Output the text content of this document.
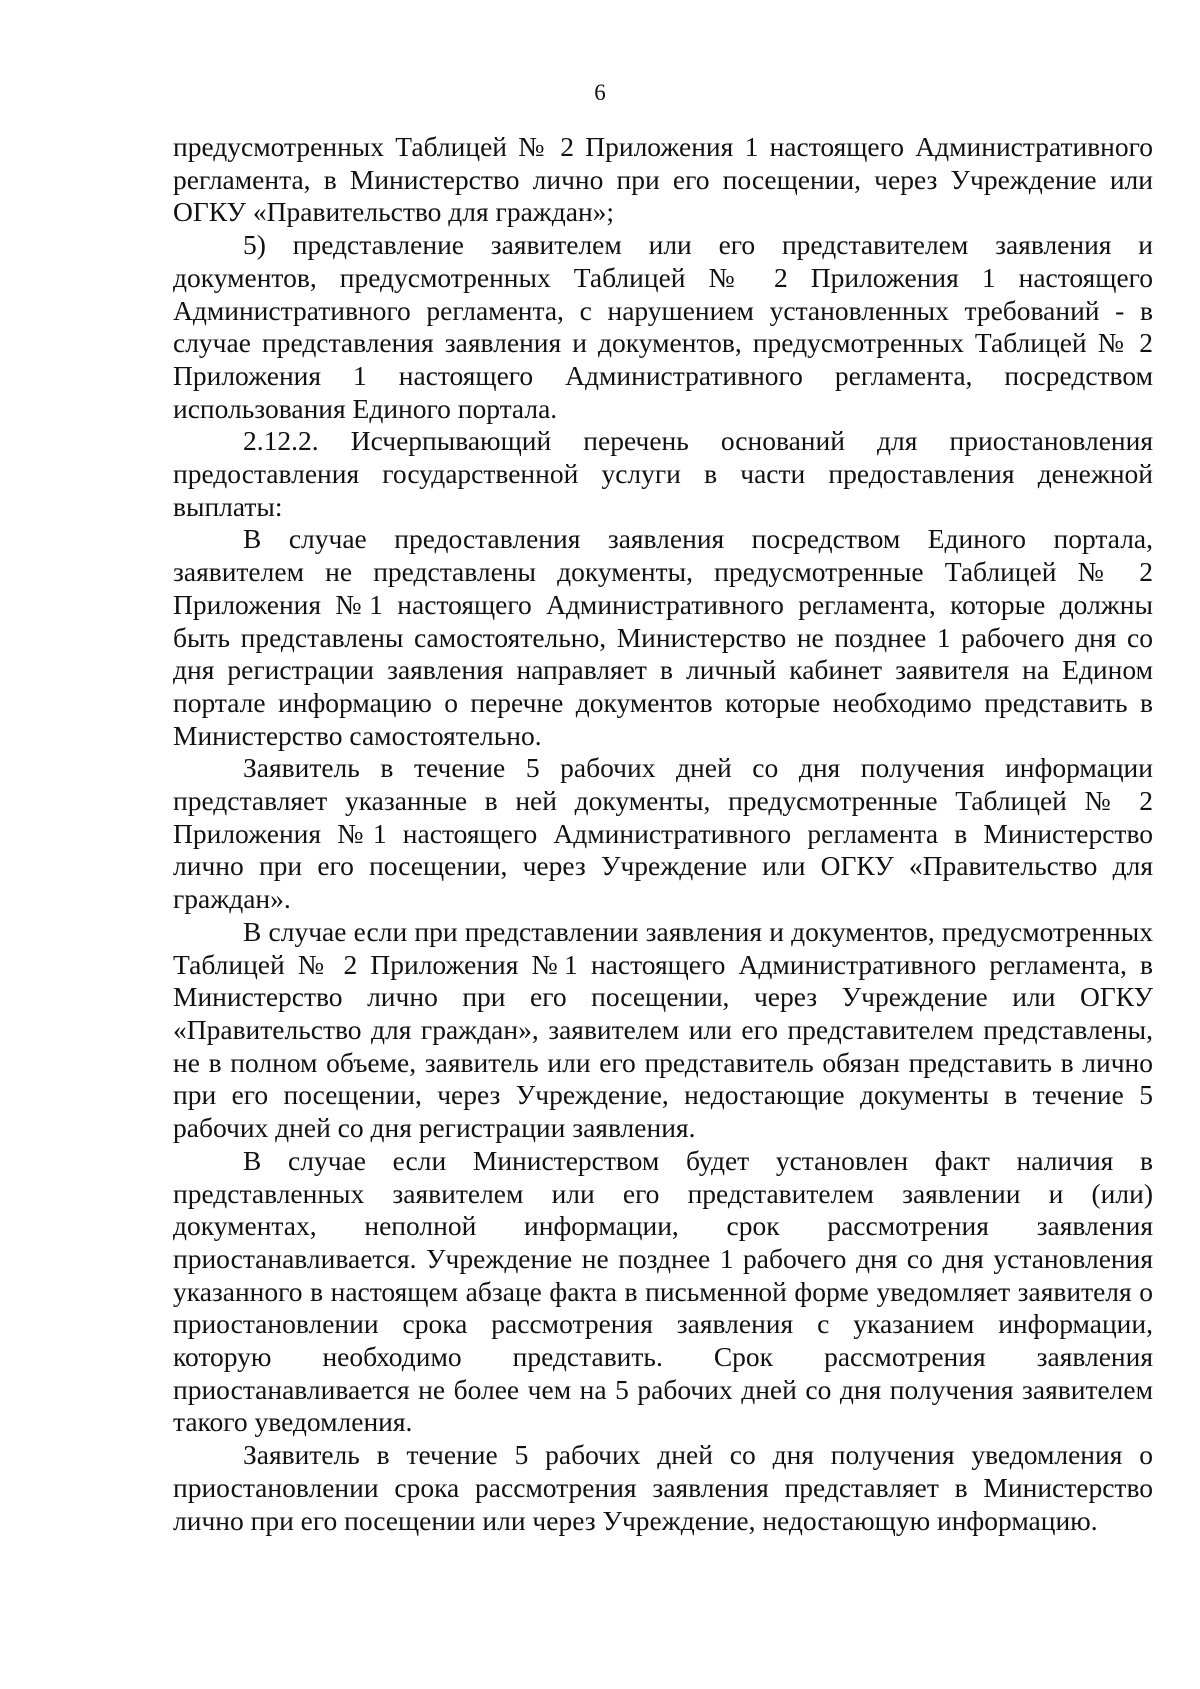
6

предусмотренных Таблицей № 2 Приложения 1 настоящего Административного регламента, в Министерство лично при его посещении, через Учреждение или ОГКУ «Правительство для граждан»;

5) представление заявителем или его представителем заявления и документов, предусмотренных Таблицей № 2 Приложения 1 настоящего Административного регламента, с нарушением установленных требований - в случае представления заявления и документов, предусмотренных Таблицей № 2 Приложения 1 настоящего Административного регламента, посредством использования Единого портала.

2.12.2. Исчерпывающий перечень оснований для приостановления предоставления государственной услуги в части предоставления денежной выплаты:

В случае предоставления заявления посредством Единого портала, заявителем не представлены документы, предусмотренные Таблицей № 2 Приложения №1 настоящего Административного регламента, которые должны быть представлены самостоятельно, Министерство не позднее 1 рабочего дня со дня регистрации заявления направляет в личный кабинет заявителя на Едином портале информацию о перечне документов которые необходимо представить в Министерство самостоятельно.

Заявитель в течение 5 рабочих дней со дня получения информации представляет указанные в ней документы, предусмотренные Таблицей № 2 Приложения №1 настоящего Административного регламента в Министерство лично при его посещении, через Учреждение или ОГКУ «Правительство для граждан».

В случае если при представлении заявления и документов, предусмотренных Таблицей № 2 Приложения №1 настоящего Административного регламента, в Министерство лично при его посещении, через Учреждение или ОГКУ «Правительство для граждан», заявителем или его представителем представлены, не в полном объеме, заявитель или его представитель обязан представить в лично при его посещении, через Учреждение, недостающие документы в течение 5 рабочих дней со дня регистрации заявления.

В случае если Министерством будет установлен факт наличия в представленных заявителем или его представителем заявлении и (или) документах, неполной информации, срок рассмотрения заявления приостанавливается. Учреждение не позднее 1 рабочего дня со дня установления указанного в настоящем абзаце факта в письменной форме уведомляет заявителя о приостановлении срока рассмотрения заявления с указанием информации, которую необходимо представить. Срок рассмотрения заявления приостанавливается не более чем на 5 рабочих дней со дня получения заявителем такого уведомления.

Заявитель в течение 5 рабочих дней со дня получения уведомления о приостановлении срока рассмотрения заявления представляет в Министерство лично при его посещении или через Учреждение, недостающую информацию.
